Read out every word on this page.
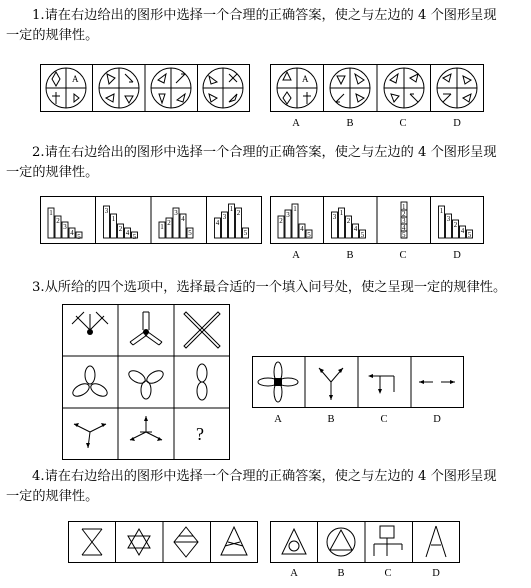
1.请在右边给出的图形中选择一个合理的正确答案，使之与左边的 4 个图形呈现
一定的规律性。
A	A
A	B	C	D
2.请在右边给出的图形中选择一个合理的正确答案，使之与左边的 4 个图形呈现
一定的规律性。
1
2
3
4 5
3
1
2 4 5
1 2
3
4
5
4
3
1 2
5
2
3
1
4
5
3 1
2
4
5
1
2
3
4
5
1
3
2
4 5
A	B	C	D
3.从所给的四个选项中，选择最合适的一个填入问号处，使之呈现一定的规律性。
?
A	B	C	D
4.请在右边给出的图形中选择一个合理的正确答案，使之与左边的 4 个图形呈现
一定的规律性。
A	B	C	D
